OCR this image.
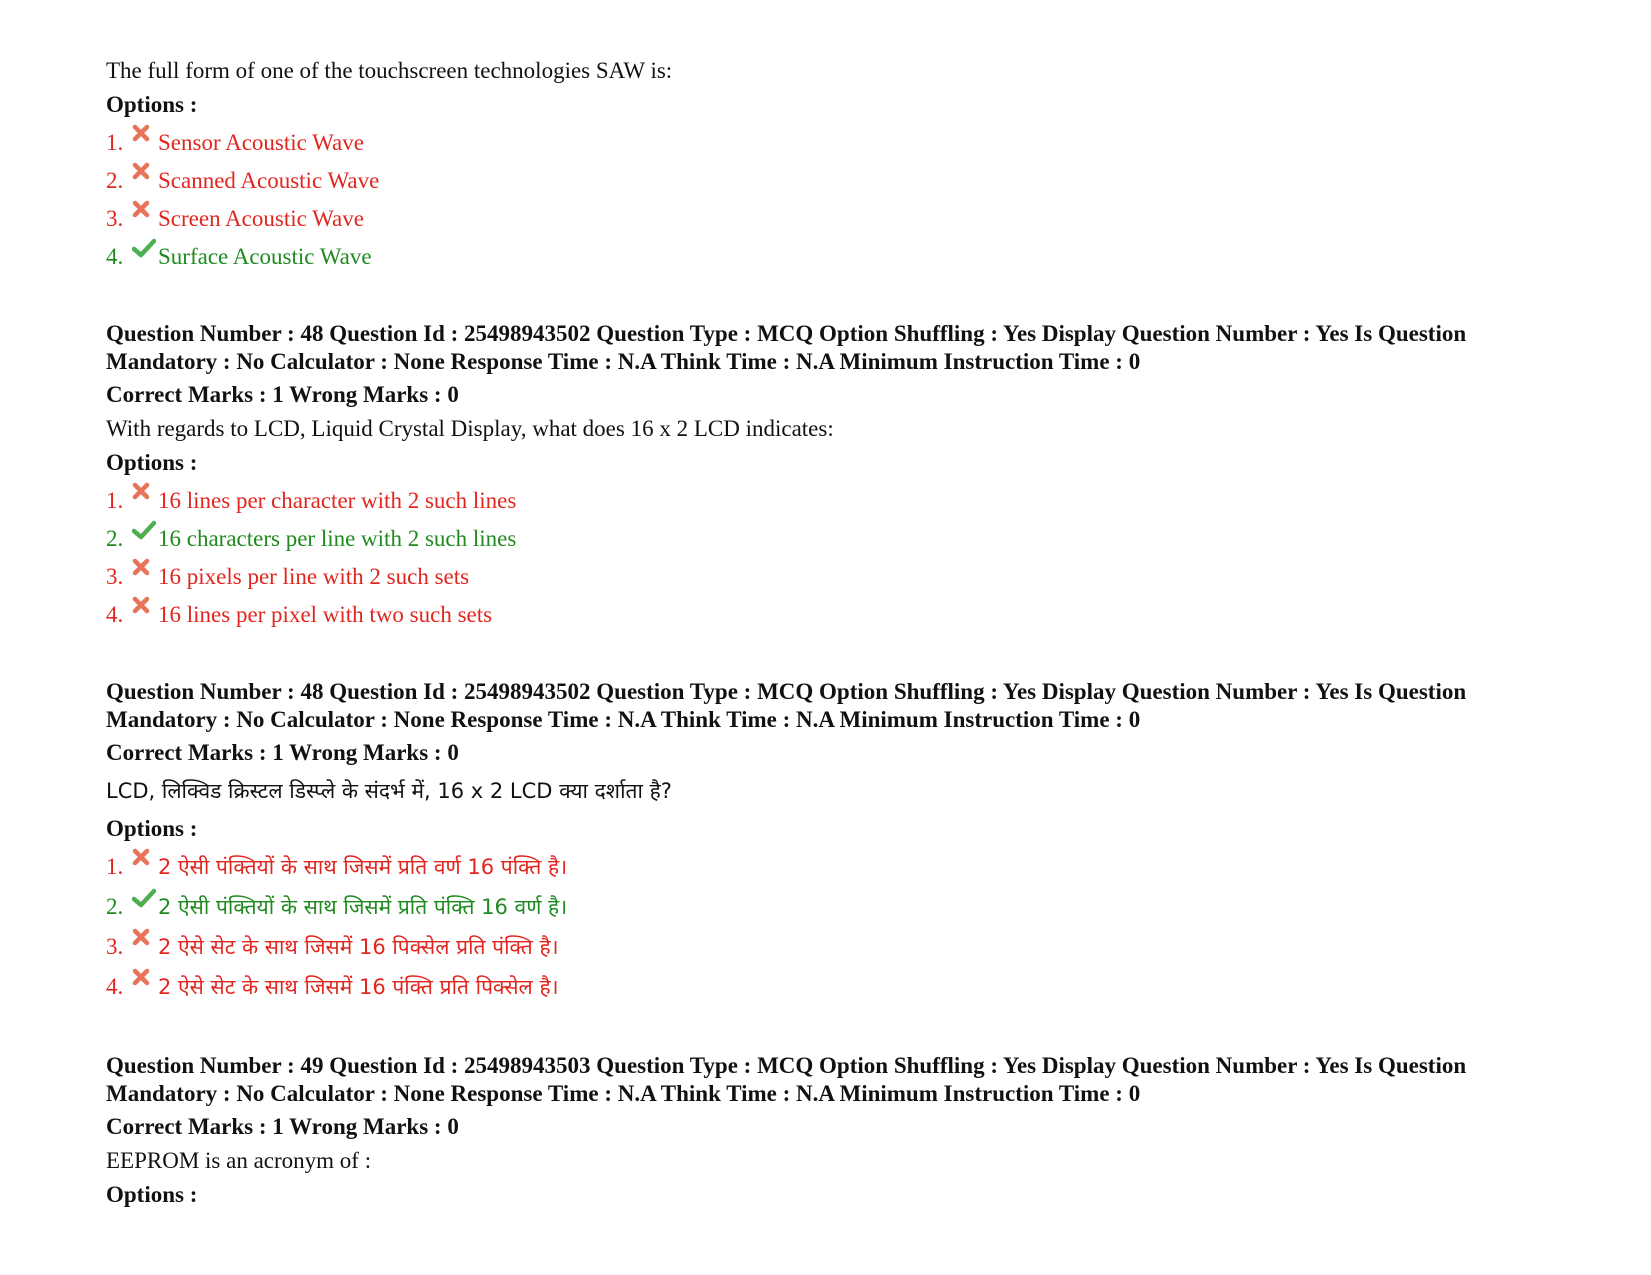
The full form of one of the touchscreen technologies SAW is:

Options :
1. Sensor Acoustic Wave
2. Scanned Acoustic Wave
3. Screen Acoustic Wave
4. Surface Acoustic Wave

Question Number : 48 Question Id : 25498943502 Question Type : MCQ Option Shuffling : Yes Display Question Number : Yes Is Question Mandatory : No Calculator : None Response Time : N.A Think Time : N.A Minimum Instruction Time : 0

Correct Marks : 1 Wrong Marks : 0

With regards to LCD, Liquid Crystal Display, what does 16 x 2 LCD indicates:

Options :
1. 16 lines per character with 2 such lines
2. 16 characters per line with 2 such lines
3. 16 pixels per line with 2 such sets
4. 16 lines per pixel with two such sets

Question Number : 48 Question Id : 25498943502 Question Type : MCQ Option Shuffling : Yes Display Question Number : Yes Is Question Mandatory : No Calculator : None Response Time : N.A Think Time : N.A Minimum Instruction Time : 0

Correct Marks : 1 Wrong Marks : 0

LCD, लिक्विड क्रिस्टल डिस्प्ले के संदर्भ में, 16 x 2 LCD क्या दर्शाता है?

Options :
1.	2 ऐसी पंक्तियों के साथ जिसमें प्रति वर्ण 16 पंक्ति है।
2.	2 ऐसी पंक्तियों के साथ जिसमें प्रति पंक्ति 16 वर्ण है।
3.	2 ऐसे सेट के साथ जिसमें 16 पिक्सेल प्रति पंक्ति है।
4.	2 ऐसे सेट के साथ जिसमें 16 पंक्ति प्रति पिक्सेल है।

Question Number : 49 Question Id : 25498943503 Question Type : MCQ Option Shuffling : Yes Display Question Number : Yes Is Question Mandatory : No Calculator : None Response Time : N.A Think Time : N.A Minimum Instruction Time : 0

Correct Marks : 1 Wrong Marks : 0

EEPROM is an acronym of :

Options :
